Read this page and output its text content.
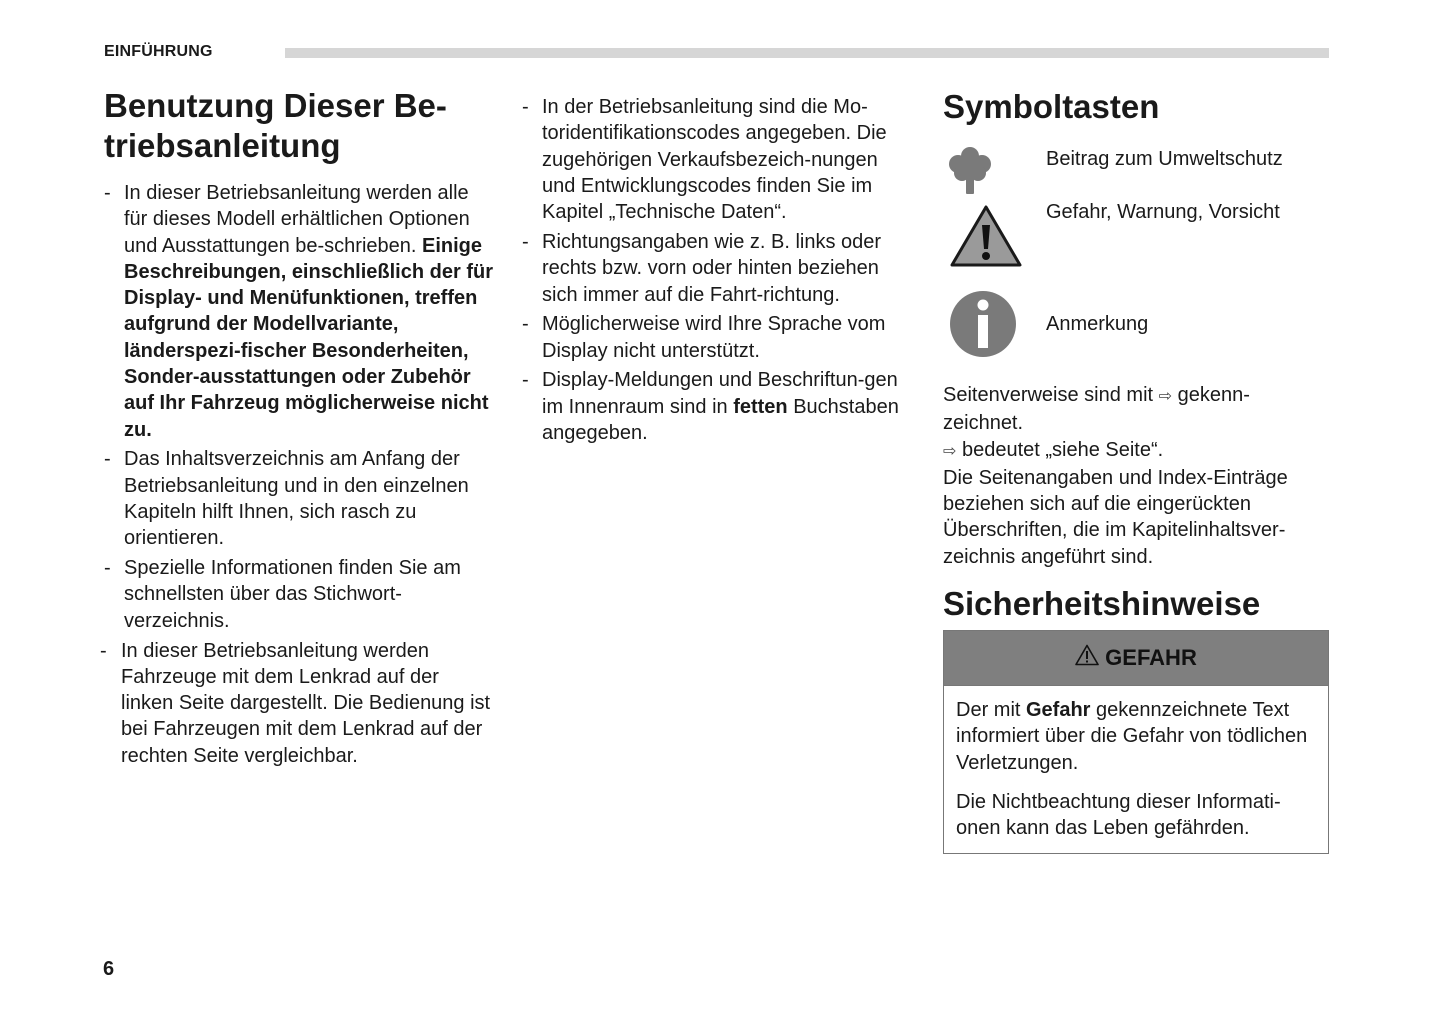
EINFÜHRUNG
Benutzung Dieser Be-
triebsanleitung
- In dieser Betriebsanleitung werden alle für dieses Modell erhältlichen Optionen und Ausstattungen be-schrieben. Einige Beschreibungen, einschließlich der für Display- und Menüfunktionen, treffen aufgrund der Modellvariante, länderspezi-fischer Besonderheiten, Sonder-ausstattungen oder Zubehör auf Ihr Fahrzeug möglicherweise nicht zu.
- Das Inhaltsverzeichnis am Anfang der Betriebsanleitung und in den einzelnen Kapiteln hilft Ihnen, sich rasch zu orientieren.
- Spezielle Informationen finden Sie am schnellsten über das Stichwort-verzeichnis.
- In dieser Betriebsanleitung werden Fahrzeuge mit dem Lenkrad auf der linken Seite dargestellt. Die Bedienung ist bei Fahrzeugen mit dem Lenkrad auf der rechten Seite vergleichbar.
- In der Betriebsanleitung sind die Mo-toridentifikationscodes angegeben. Die zugehörigen Verkaufsbezeich-nungen und Entwicklungscodes finden Sie im Kapitel „Technische Daten“.
- Richtungsangaben wie z. B. links oder rechts bzw. vorn oder hinten beziehen sich immer auf die Fahrt-richtung.
- Möglicherweise wird Ihre Sprache vom Display nicht unterstützt.
- Display-Meldungen und Beschriftun-gen im Innenraum sind in fetten Buchstaben angegeben.
Symboltasten
Beitrag zum Umweltschutz
Gefahr, Warnung, Vorsicht
Anmerkung

Seitenverweise sind mit ⇨ gekenn-zeichnet.
⇨ bedeutet „siehe Seite“.
Die Seitenangaben und Index-Einträge beziehen sich auf die eingerückten Überschriften, die im Kapitelinhaltsver-zeichnis angeführt sind.

Sicherheitshinweise
GEFAHR

Der mit Gefahr gekennzeichnete Text informiert über die Gefahr von tödlichen Verletzungen.

Die Nichtbeachtung dieser Informati-onen kann das Leben gefährden.

6
